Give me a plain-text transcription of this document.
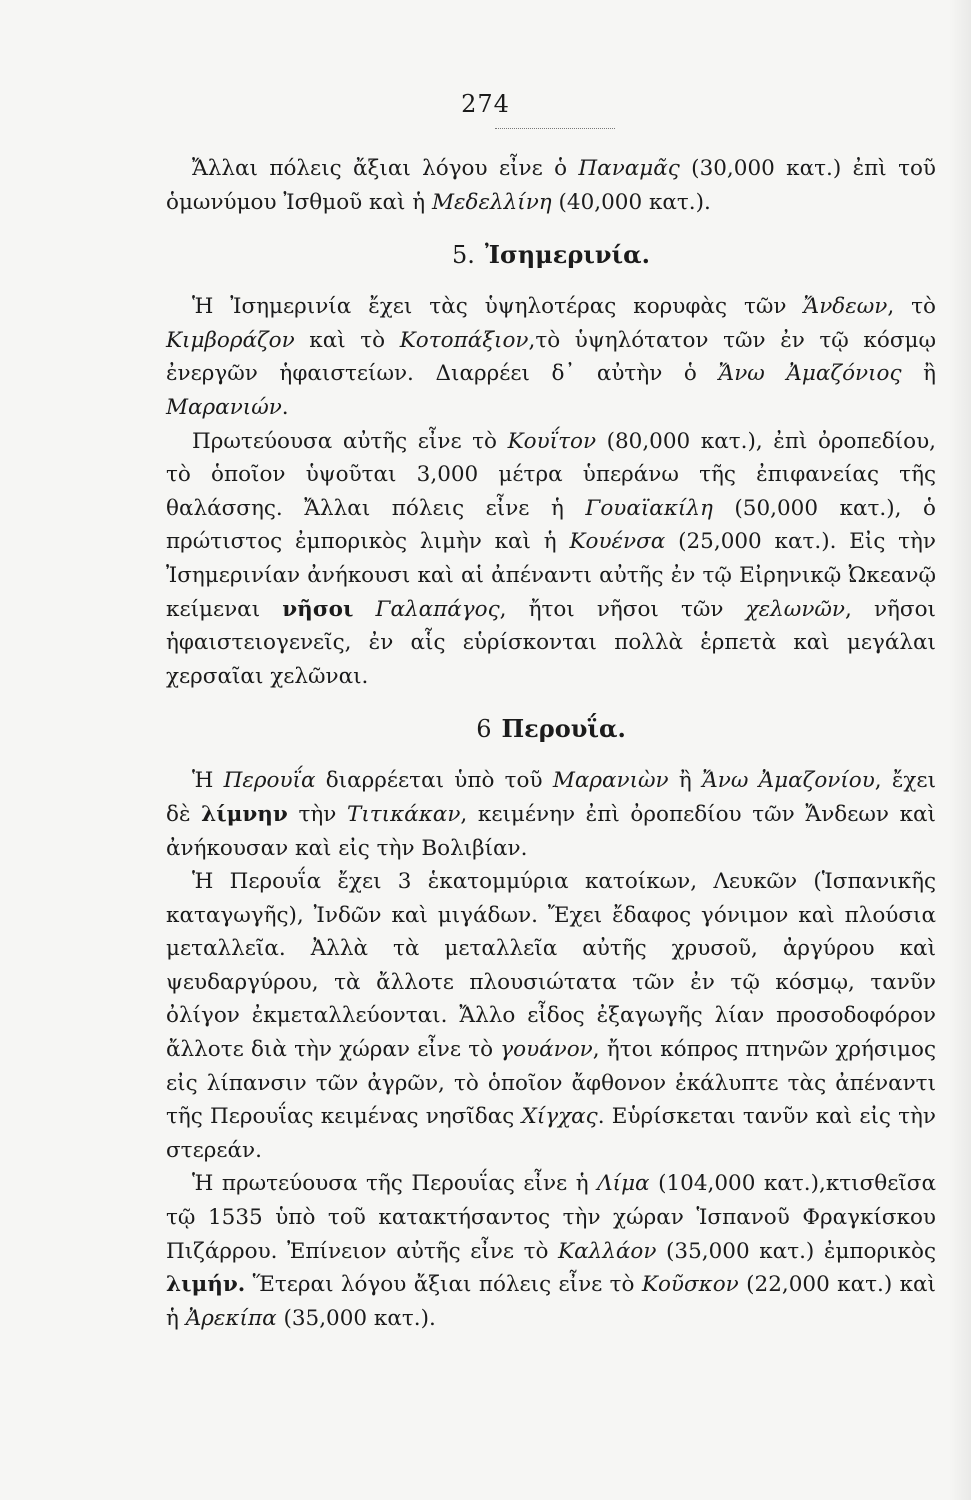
274

Ἄλλαι πόλεις ἄξιαι λόγου εἶνε ὁ Παναμᾶς (30,000 κατ.) ἐπὶ τοῦ ὁμωνύμου Ἰσθμοῦ καὶ ἡ Μεδελλίνη (40,000 κατ.).

5. Ἰσημερινία.

Ἡ Ἰσημερινία ἔχει τὰς ὑψηλοτέρας κορυφὰς τῶν Ἄνδεων, τὸ Κιμβοράζον καὶ τὸ Κοτοπάξιον,τὸ ὑψηλότατον τῶν ἐν τῷ κόσμῳ ἐνεργῶν ἡφαιστείων. Διαρρέει δ᾽ αὐτὴν ὁ Ἄνω Ἀμαζόνιος ἢ Μαρανιών.

Πρωτεύουσα αὐτῆς εἶνε τὸ Κουΐτον (80,000 κατ.), ἐπὶ ὀροπεδίου, τὸ ὁποῖον ὑψοῦται 3,000 μέτρα ὑπεράνω τῆς ἐπιφανείας τῆς θαλάσσης. Ἄλλαι πόλεις εἶνε ἡ Γουαϊακίλη (50,000 κατ.), ὁ πρώτιστος ἐμπορικὸς λιμὴν καὶ ἡ Κουένσα (25,000 κατ.). Εἰς τὴν Ἰσημερινίαν ἀνήκουσι καὶ αἱ ἀπέναντι αὐτῆς ἐν τῷ Εἰρηνικῷ Ὠκεανῷ κείμεναι νῆσοι Γαλαπάγος, ἤτοι νῆσοι τῶν χελωνῶν, νῆσοι ἡφαιστειογενεῖς, ἐν αἷς εὑρίσκονται πολλὰ ἑρπετὰ καὶ μεγάλαι χερσαῖαι χελῶναι.

6 Περουΐα.

Ἡ Περουΐα διαρρέεται ὑπὸ τοῦ Μαρανιὼν ἢ Ἄνω Ἀμαζονίου, ἔχει δὲ λίμνην τὴν Τιτικάκαν, κειμένην ἐπὶ ὀροπεδίου τῶν Ἄνδεων καὶ ἀνήκουσαν καὶ εἰς τὴν Βολιβίαν.

Ἡ Περουΐα ἔχει 3 ἑκατομμύρια κατοίκων, Λευκῶν (Ἱσπανικῆς καταγωγῆς), Ἰνδῶν καὶ μιγάδων. Ἔχει ἔδαφος γόνιμον καὶ πλούσια μεταλλεῖα. Ἀλλὰ τὰ μεταλλεῖα αὐτῆς χρυσοῦ, ἀργύρου καὶ ψευδαργύρου, τὰ ἄλλοτε πλουσιώτατα τῶν ἐν τῷ κόσμῳ, τανῦν ὀλίγον ἐκμεταλλεύονται. Ἄλλο εἶδος ἐξαγωγῆς λίαν προσοδοφόρον ἄλλοτε διὰ τὴν χώραν εἶνε τὸ γουάνον, ἤτοι κόπρος πτηνῶν χρήσιμος εἰς λίπανσιν τῶν ἀγρῶν, τὸ ὁποῖον ἄφθονον ἐκάλυπτε τὰς ἀπέναντι τῆς Περουΐας κειμένας νησῖδας Χίγχας. Εὑρίσκεται τανῦν καὶ εἰς τὴν στερεάν.

Ἡ πρωτεύουσα τῆς Περουΐας εἶνε ἡ Λίμα (104,000 κατ.),κτισθεῖσα τῷ 1535 ὑπὸ τοῦ κατακτήσαντος τὴν χώραν Ἱσπανοῦ Φραγκίσκου Πιζάρρου. Ἐπίνειον αὐτῆς εἶνε τὸ Καλλάον (35,000 κατ.) ἐμπορικὸς λιμήν. Ἕτεραι λόγου ἄξιαι πόλεις εἶνε τὸ Κοῦσκον (22,000 κατ.) καὶ ἡ Ἀρεκίπα (35,000 κατ.).
